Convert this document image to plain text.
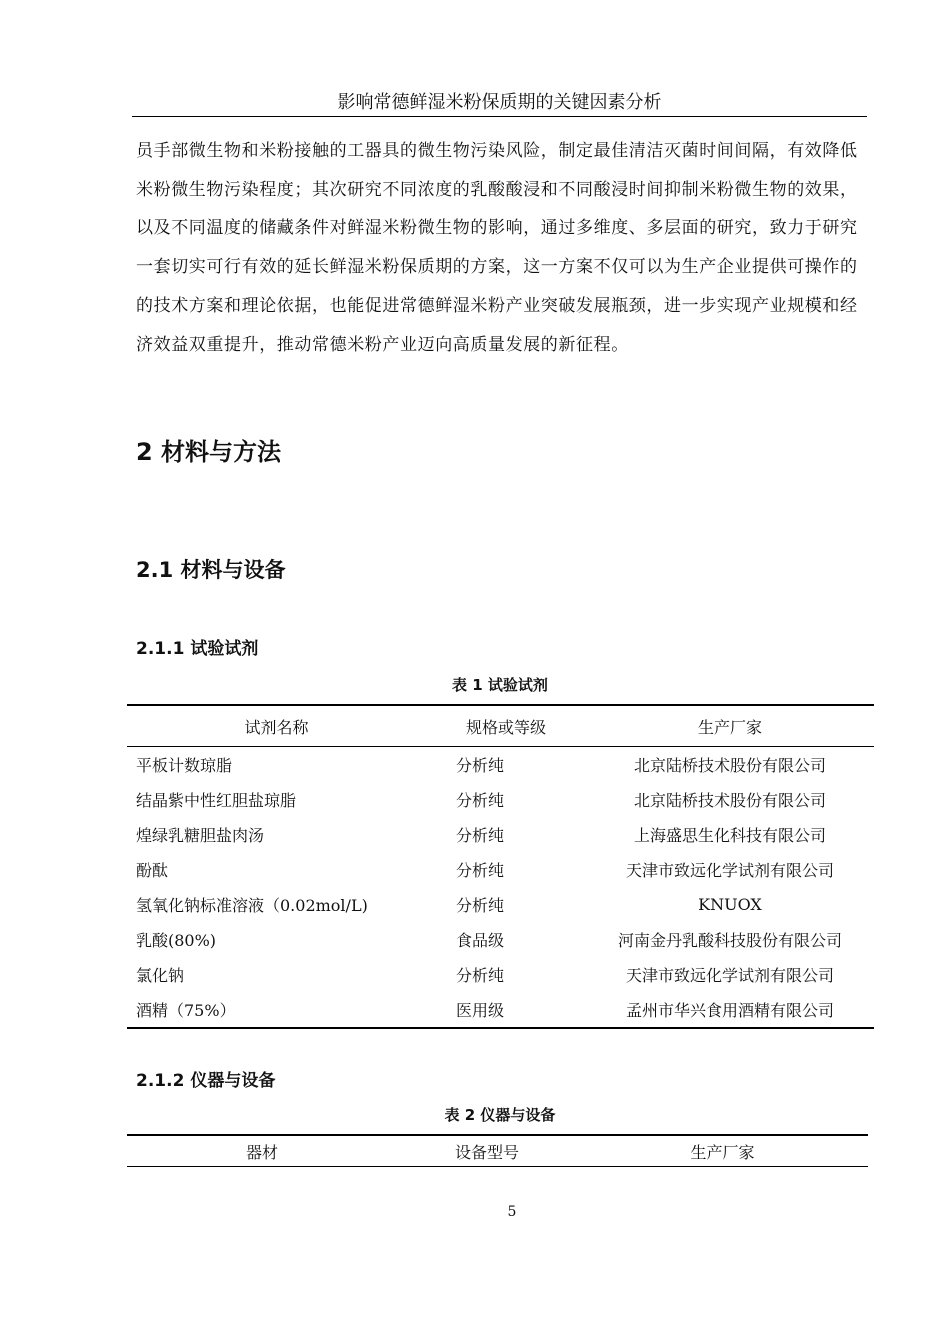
影响常德鲜湿米粉保质期的关键因素分析

员手部微生物和米粉接触的工器具的微生物污染风险，制定最佳清洁灭菌时间间隔，有效降低米粉微生物污染程度；其次研究不同浓度的乳酸酸浸和不同酸浸时间抑制米粉微生物的效果，以及不同温度的储藏条件对鲜湿米粉微生物的影响，通过多维度、多层面的研究，致力于研究一套切实可行有效的延长鲜湿米粉保质期的方案，这一方案不仅可以为生产企业提供可操作的的技术方案和理论依据，也能促进常德鲜湿米粉产业突破发展瓶颈，进一步实现产业规模和经济效益双重提升，推动常德米粉产业迈向高质量发展的新征程。

2 材料与方法
2.1 材料与设备
2.1.1 试验试剂
表 1 试验试剂
试剂名称	规格或等级	生产厂家
平板计数琼脂	分析纯	北京陆桥技术股份有限公司
结晶紫中性红胆盐琼脂	分析纯	北京陆桥技术股份有限公司
煌绿乳糖胆盐肉汤	分析纯	上海盛思生化科技有限公司
酚酞	分析纯	天津市致远化学试剂有限公司
氢氧化钠标准溶液（0.02mol/L)	分析纯	KNUOX
乳酸(80%)	食品级	河南金丹乳酸科技股份有限公司
氯化钠	分析纯	天津市致远化学试剂有限公司
酒精（75%）	医用级	孟州市华兴食用酒精有限公司
2.1.2 仪器与设备
表 2 仪器与设备
器材	设备型号	生产厂家
5
